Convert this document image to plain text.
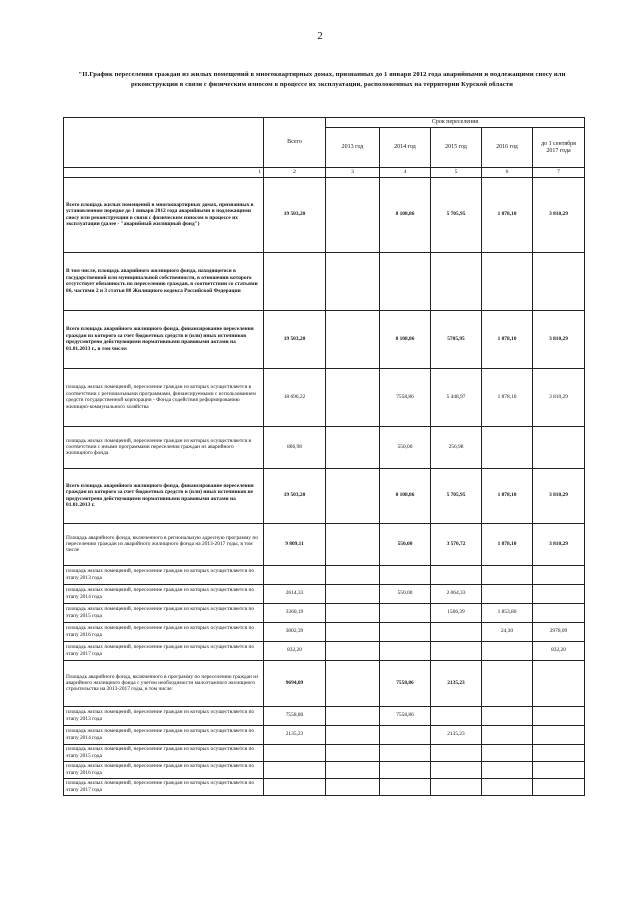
2
"II.График переселения граждан из жилых помещений в многоквартирных домах, признанных до 1 января 2012 года аварийными и подлежащими сносу или реконструкции в связи с физическим износом в процессе их эксплуатации, расположенных на территории Курской области
	Всего	Срок переселения				
		2013 год	2014 год	2015 год	2016 год	до 1 сентября 2017 года
1	2	3	4	5	6	7
Всего площадь жилых помещений в многоквартирных домах, признанных в установленном порядке до 1 января 2012 года аварийными и подлежащими сносу или реконструкции в связи с физическим износом в процессе их эксплуатации (далее - "аварийный жилищный фонд")	19 503,20		8 108,86	5 705,95	1 878,10	3 810,29
В том числе, площадь аварийного жилищного фонда, находящегося в государственной или муниципальной собственности, в отношении которого отсутствует обязанность по переселению граждан, в соответствии со статьями 86, частями 2 и 3 статьи 88 Жилищного кодекса Российской Федерации						
Всего площадь аварийного жилищного фонда, финансирование переселения граждан из которого за счет бюджетных средств и (или) иных источников предусмотрено действующими нормативными правовыми актами на 01.01.2013 г., в том числе:	19 503,20		8 108,86	5705,95	1 878,10	3 810,29
площадь жилых помещений, переселение граждан из которых осуществляется в соответствии с региональными программами, финансируемыми с использованием средств государственной корпорации - Фонда содействия реформированию жилищно-коммунального хозяйства	18 696,22		7558,86	5 448,97	1 878,10	3 810,29
площадь жилых помещений, переселение граждан из которых осуществляется в соответствии с иными программами переселения граждан из аварийного жилищного фонда	806,98		550,00	256,98		
Всего площадь аварийного жилищного фонда, финансирование переселения граждан из которого за счет бюджетных средств и (или) иных источников не предусмотрено действующими нормативными правовыми актами на 01.01.2013 г.	19 503,20		8 108,86	5 705,95	1 878,10	3 810,29
Площадь аварийного фонда, включенного в региональную адресную программу по переселению граждан из аварийного жилищного фонда на 2013-2017 годы, в том числе	9 809,11		550,00	3 570,72	1 878,10	3 810,29
площадь жилых помещений, переселение граждан из которых осуществляется по этапу 2013 года						
площадь жилых помещений, переселение граждан из которых осуществляется по этапу 2014 года	2614,33		550,00	2 064,33		
площадь жилых помещений, переселение граждан из которых осуществляется по этапу 2015 года	3360,19			1506,39	1 853,80	
площадь жилых помещений, переселение граждан из которых осуществляется по этапу 2016 года	3002,39				24,30	2978,09
площадь жилых помещений, переселение граждан из которых осуществляется по этапу 2017 года	832,20					832,20
Площадь аварийного фонда, включенного в программу по переселению граждан из аварийного жилищного фонда с учетом необходимости малоэтажного жилищного строительства на 2013-2017 годы, в том числе:	9694,09		7558,86	2135,23		
площадь жилых помещений, переселение граждан из которых осуществляется по этапу 2013 года	7558,86		7558,86			
площадь жилых помещений, переселение граждан из которых осуществляется по этапу 2014 года	2135,23			2135,23		
площадь жилых помещений, переселение граждан из которых осуществляется по этапу 2015 года						
площадь жилых помещений, переселение граждан из которых осуществляется по этапу 2016 года						
площадь жилых помещений, переселение граждан из которых осуществляется по этапу 2017 года						
